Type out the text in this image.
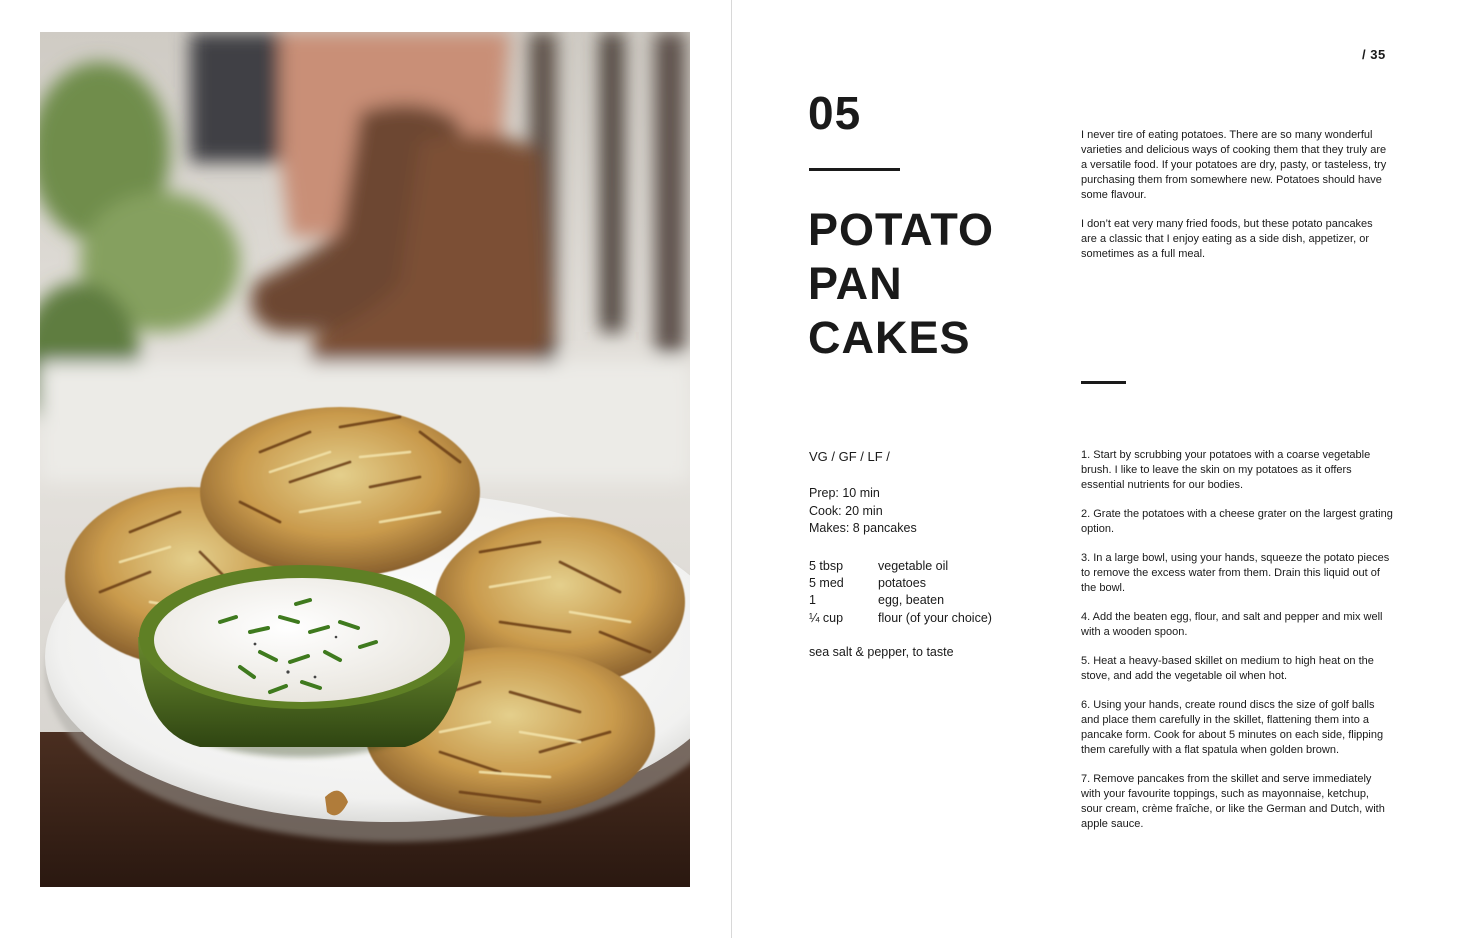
/ 35
05
POTATO
PAN
CAKES

I never tire of eating potatoes. There are so many wonderful varieties and delicious ways of cooking them that they truly are a versatile food. If your potatoes are dry, pasty, or tasteless, try purchasing them from somewhere new. Potatoes should have some flavour.

I don’t eat very many fried foods, but these potato pancakes are a classic that I enjoy eating as a side dish, appetizer, or sometimes as a full meal.

VG / GF / LF /
Prep: 10 min
Cook: 20 min
Makes: 8 pancakes
5 tbsp	vegetable oil
5 med	potatoes
1	egg, beaten
¼ cup	flour (of your choice)
sea salt & pepper, to taste

1. Start by scrubbing your potatoes with a coarse vegetable brush. I like to leave the skin on my potatoes as it offers essential nutrients for our bodies.

2. Grate the potatoes with a cheese grater on the largest grating option.

3. In a large bowl, using your hands, squeeze the potato pieces to remove the excess water from them. Drain this liquid out of the bowl.

4. Add the beaten egg, flour, and salt and pepper and mix well with a wooden spoon.

5. Heat a heavy-based skillet on medium to high heat on the stove, and add the vegetable oil when hot.

6. Using your hands, create round discs the size of golf balls and place them carefully in the skillet, flattening them into a pancake form. Cook for about 5 minutes on each side, flipping them carefully with a flat spatula when golden brown.

7. Remove pancakes from the skillet and serve immediately with your favourite toppings, such as mayonnaise, ketchup, sour cream, crème fraîche, or like the German and Dutch, with apple sauce.
